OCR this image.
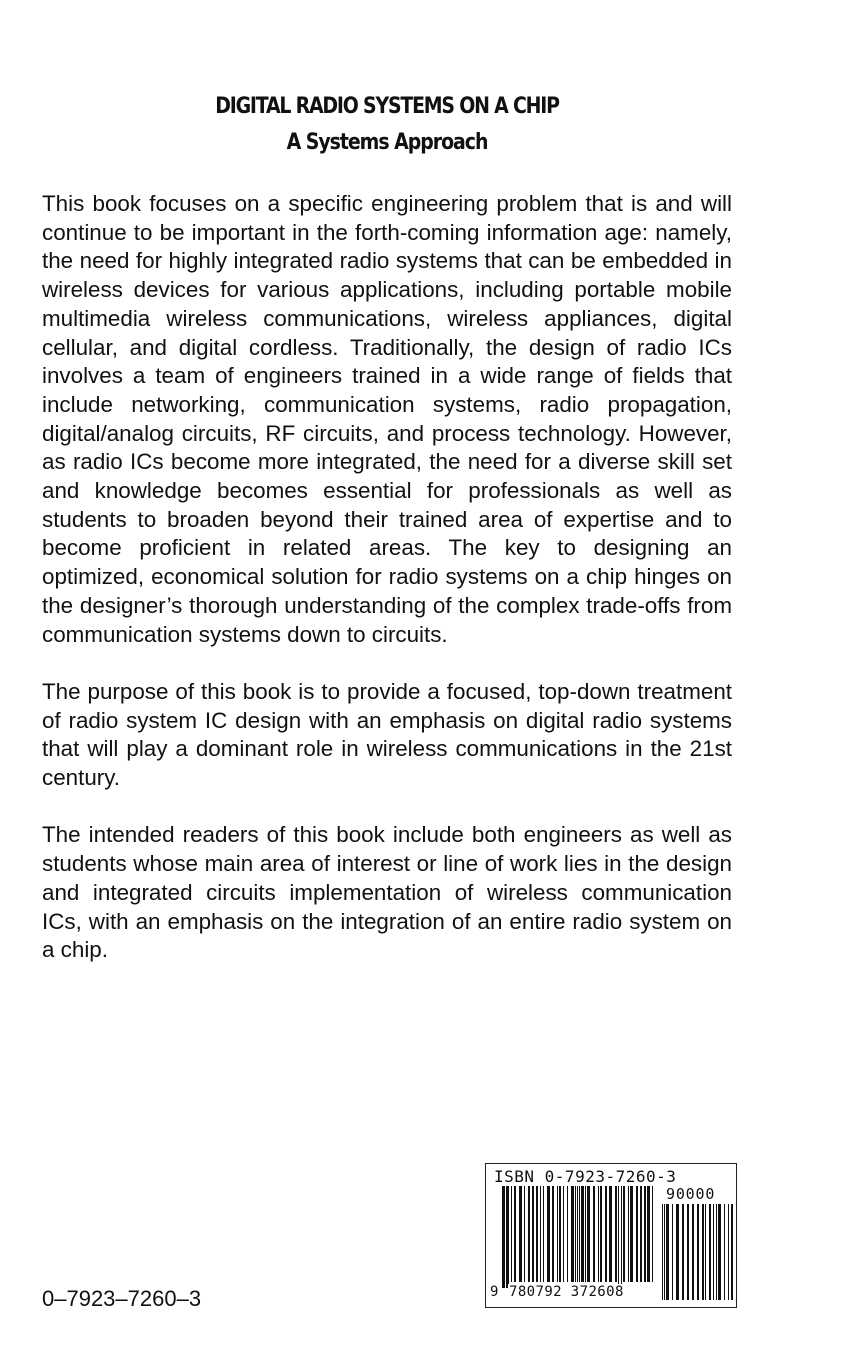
DIGITAL RADIO SYSTEMS ON A CHIP
A Systems Approach

This book focuses on a specific engineering problem that is and will continue to be important in the forth-coming information age: namely, the need for highly integrated radio systems that can be embedded in wireless devices for various applications, including portable mobile multimedia wireless communications, wireless appliances, digital cellular, and digital cordless. Traditionally, the design of radio ICs involves a team of engineers trained in a wide range of fields that include networking, communication systems, radio propagation, digital/analog circuits, RF circuits, and process technology. However, as radio ICs become more integrated, the need for a diverse skill set and knowledge becomes essential for professionals as well as students to broaden beyond their trained area of expertise and to become proficient in related areas. The key to designing an optimized, economical solution for radio systems on a chip hinges on the designer’s thorough understanding of the complex trade-offs from communication systems down to circuits.

The purpose of this book is to provide a focused, top-down treatment of radio system IC design with an emphasis on digital radio systems that will play a dominant role in wireless communications in the 21st century.

The intended readers of this book include both engineers as well as students whose main area of interest or line of work lies in the design and integrated circuits implementation of wireless communication ICs, with an emphasis on the integration of an entire radio system on a chip.

0–7923–7260–3

ISBN 0-7923-7260-3
90000
9 780792 372608
